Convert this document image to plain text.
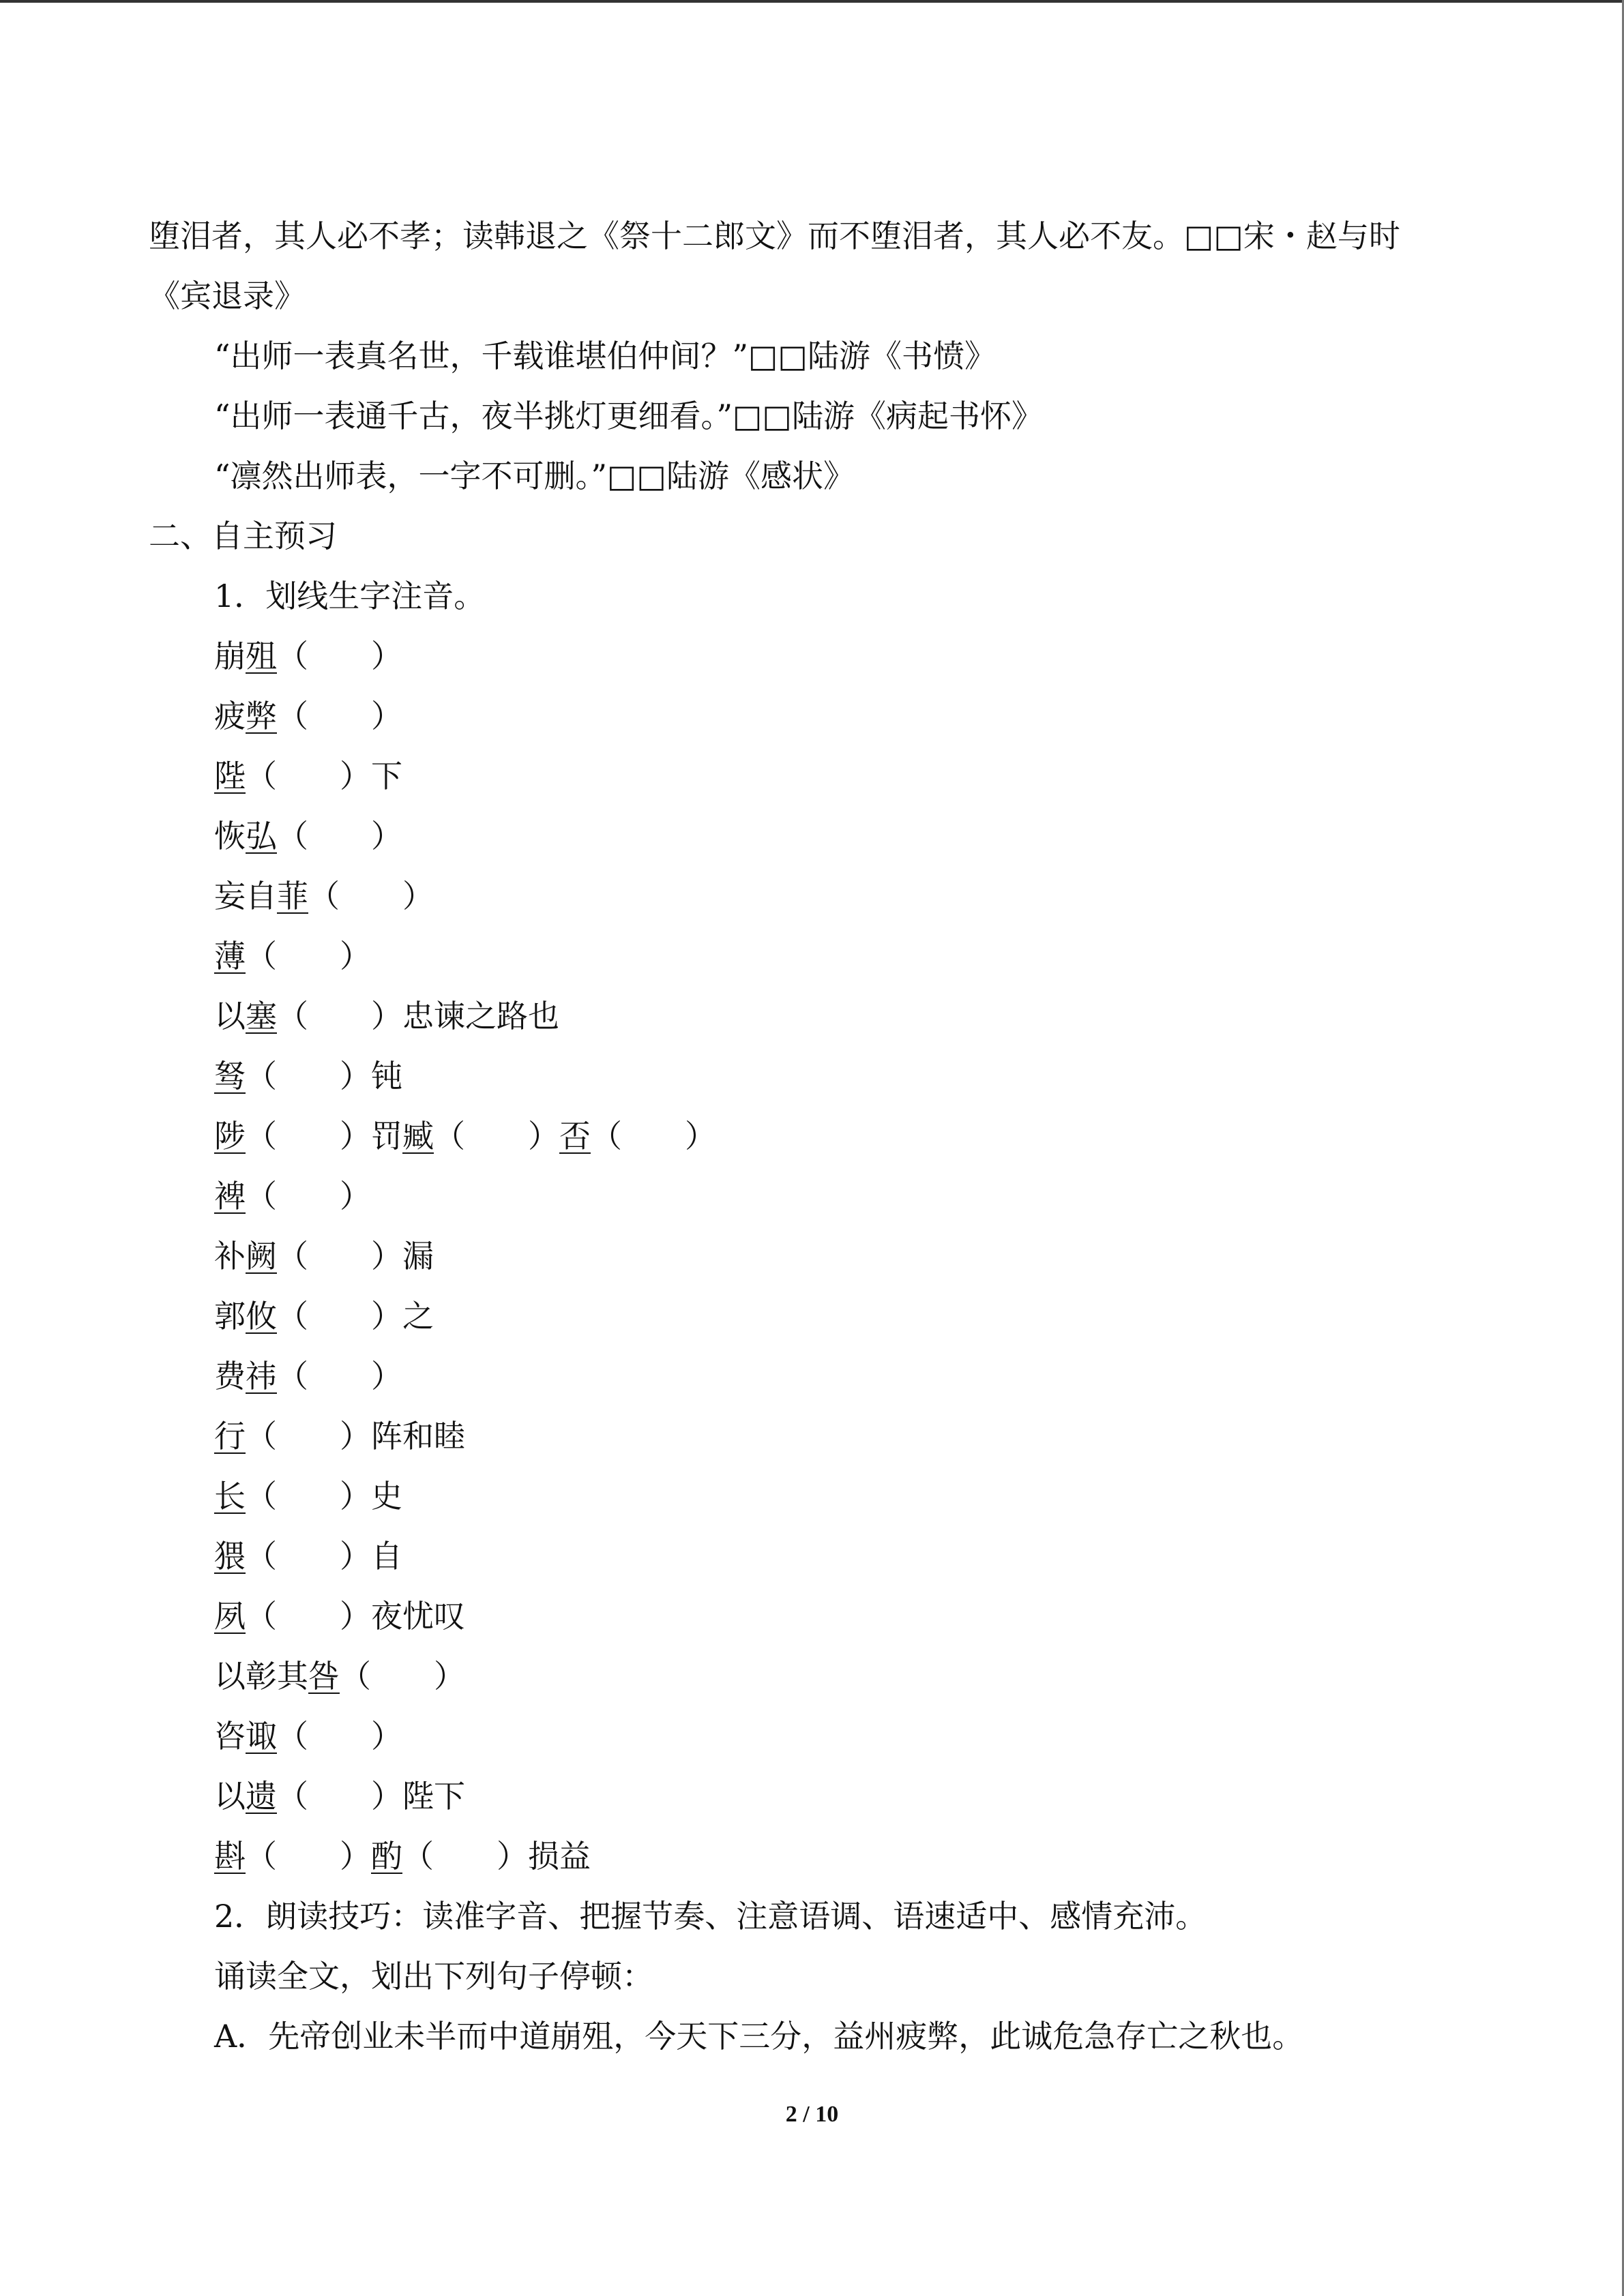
堕泪者，其人必不孝；读韩退之《祭十二郎文》而不堕泪者，其人必不友。□□宋・赵与时
《宾退录》
“出师一表真名世，千载谁堪伯仲间？”□□陆游《书愤》
“出师一表通千古，夜半挑灯更细看。”□□陆游《病起书怀》
“凛然出师表，一字不可删。”□□陆游《感状》
二、自主预习
1．划线生字注音。
崩殂（　　）
疲弊（　　）
陛（　　）下
恢弘（　　）
妄自菲（　　）
薄（　　）
以塞（　　）忠谏之路也
驽（　　）钝
陟（　　）罚臧（　　）否（　　）
裨（　　）
补阙（　　）漏
郭攸（　　）之
费祎（　　）
行（　　）阵和睦
长（　　）史
猥（　　）自
夙（　　）夜忧叹
以彰其咎（　　）
咨诹（　　）
以遗（　　）陛下
斟（　　）酌（　　）损益
2．朗读技巧：读准字音、把握节奏、注意语调、语速适中、感情充沛。
诵读全文，划出下列句子停顿：
A．先帝创业未半而中道崩殂，今天下三分，益州疲弊，此诚危急存亡之秋也。
2 / 10
